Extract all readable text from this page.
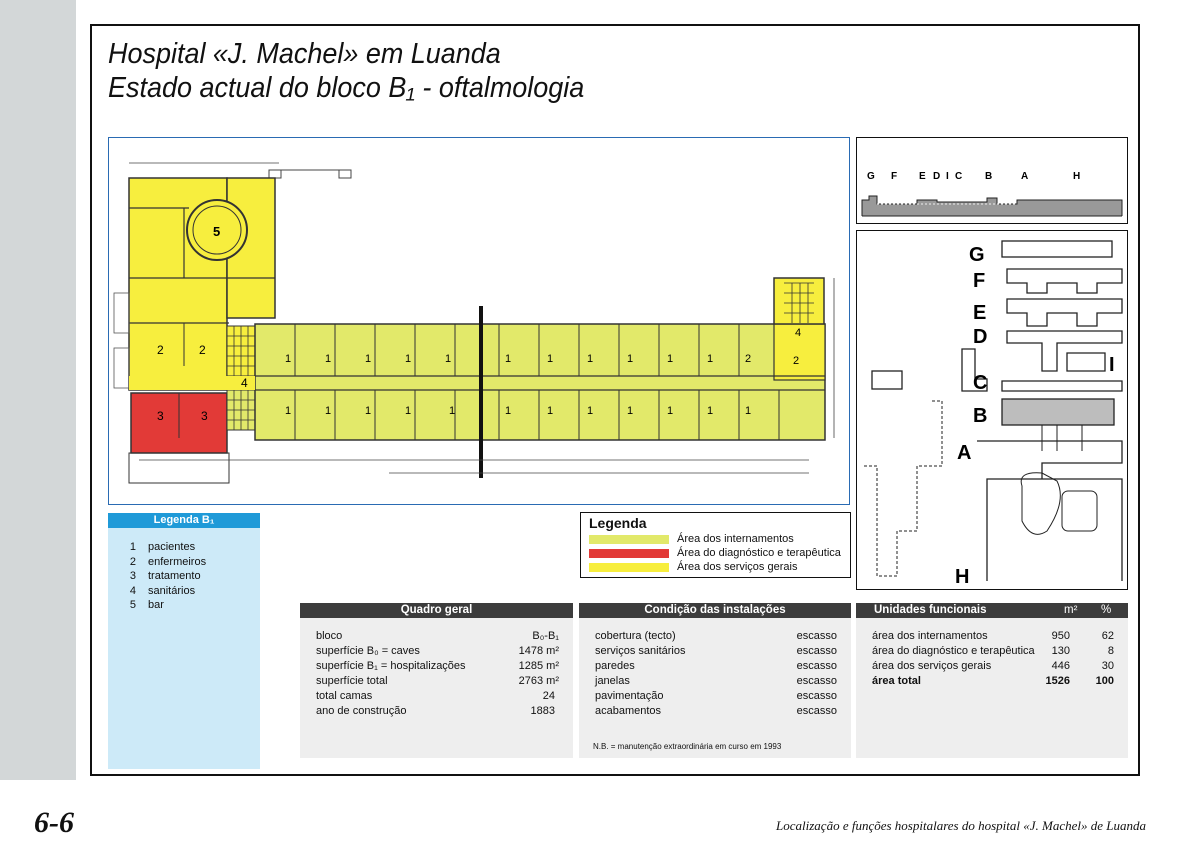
Hospital «J. Machel» em Luanda
Estado actual do bloco B₁ - oftalmologia
5
2	2
4
3	3
1	1	1	1	1	1	1	1	1	1	1	2	2
4
1	1	1	1	1	1	1	1	1	1	1	1
G F E D I C B	A	H
G
F
E
D
I
C
B
A
H
Legenda B₁
1	pacientes
2	enfermeiros
3	tratamento
4	sanitários
5	bar
Legenda
Área dos internamentos
Área do diagnóstico e terapêutica
Área dos serviços gerais
Quadro geral
bloco	B₀-B₁
superfície B₀ = caves	1478 m²
superfície B₁ = hospitalizações	1285 m²
superfície total	2763 m²
total camas	24
ano de construção	1883
Condição das instalações
cobertura (tecto)	escasso
serviços sanitários	escasso
paredes	escasso
janelas	escasso
pavimentação	escasso
acabamentos	escasso
N.B. = manutenção extraordinária em curso em 1993
Unidades funcionais	m² %
área dos internamentos	950	62
área do diagnóstico e terapêutica 130	8
área dos serviços gerais	446	30
área total	1526 100
6-6	Localização e funções hospitalares do hospital «J. Machel» de Luanda
